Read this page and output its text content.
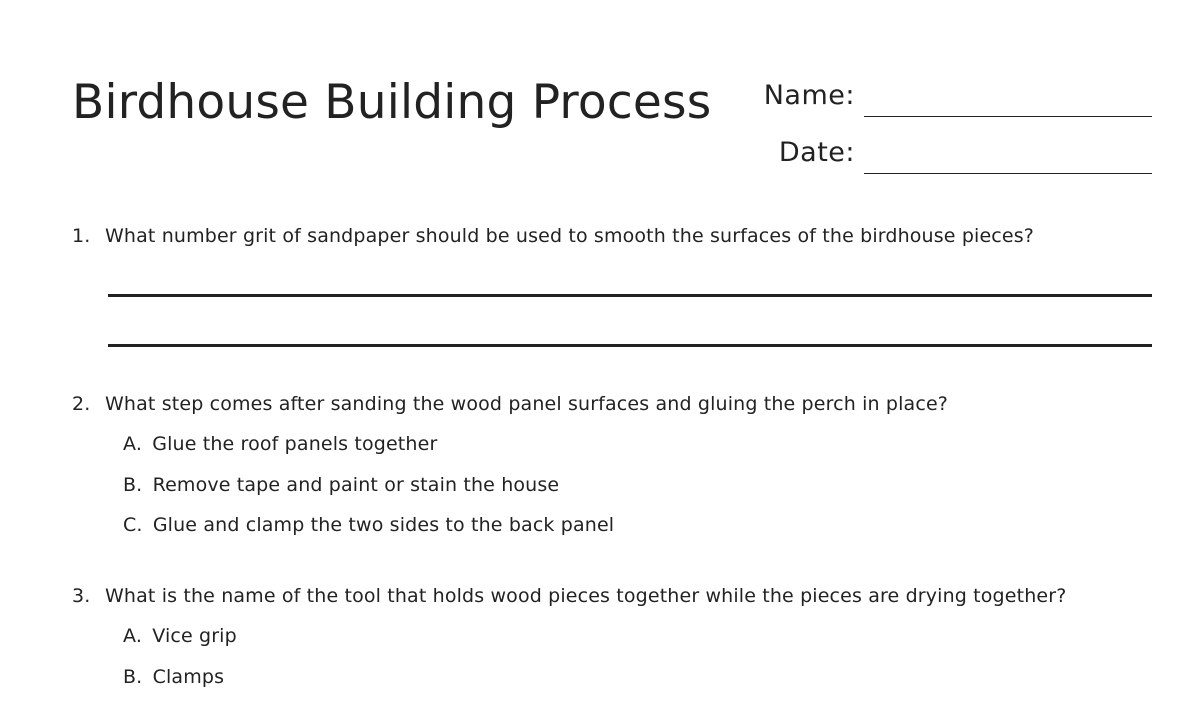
Birdhouse Building Process Name:
Date:
1. What number grit of sandpaper should be used to smooth the surfaces of the birdhouse pieces?
2. What step comes after sanding the wood panel surfaces and gluing the perch in place?
A. Glue the roof panels together
B. Remove tape and paint or stain the house
C. Glue and clamp the two sides to the back panel
3. What is the name of the tool that holds wood pieces together while the pieces are drying together?
A. Vice grip
B. Clamps
